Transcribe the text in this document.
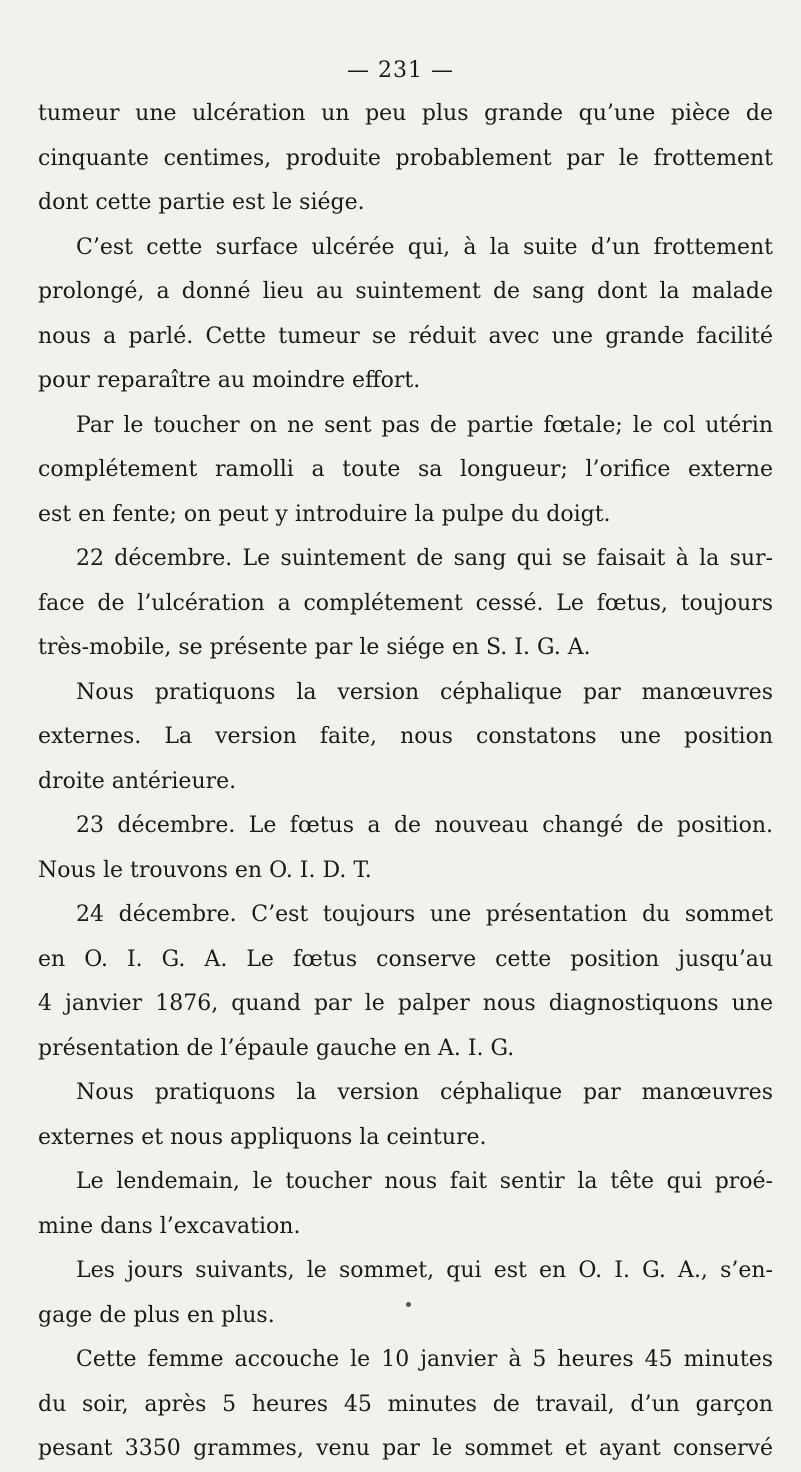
— 231 —
tumeur une ulcération un peu plus grande qu’une pièce de
cinquante centimes, produite probablement par le frottement
dont cette partie est le siége.
C’est cette surface ulcérée qui, à la suite d’un frottement
prolongé, a donné lieu au suintement de sang dont la malade
nous a parlé. Cette tumeur se réduit avec une grande facilité
pour reparaître au moindre effort.
Par le toucher on ne sent pas de partie fœtale; le col utérin
complétement ramolli a toute sa longueur; l’orifice externe
est en fente; on peut y introduire la pulpe du doigt.
22 décembre. Le suintement de sang qui se faisait à la sur-
face de l’ulcération a complétement cessé. Le fœtus, toujours
très-mobile, se présente par le siége en S. I. G. A.
Nous pratiquons la version céphalique par manœuvres
externes. La version faite, nous constatons une position
droite antérieure.
23 décembre. Le fœtus a de nouveau changé de position.
Nous le trouvons en O. I. D. T.
24 décembre. C’est toujours une présentation du sommet
en O. I. G. A. Le fœtus conserve cette position jusqu’au
4 janvier 1876, quand par le palper nous diagnostiquons une
présentation de l’épaule gauche en A. I. G.
Nous pratiquons la version céphalique par manœuvres
externes et nous appliquons la ceinture.
Le lendemain, le toucher nous fait sentir la tête qui proé-
mine dans l’excavation.
Les jours suivants, le sommet, qui est en O. I. G. A., s’en-
gage de plus en plus.
Cette femme accouche le 10 janvier à 5 heures 45 minutes
du soir, après 5 heures 45 minutes de travail, d’un garçon
pesant 3350 grammes, venu par le sommet et ayant conservé
